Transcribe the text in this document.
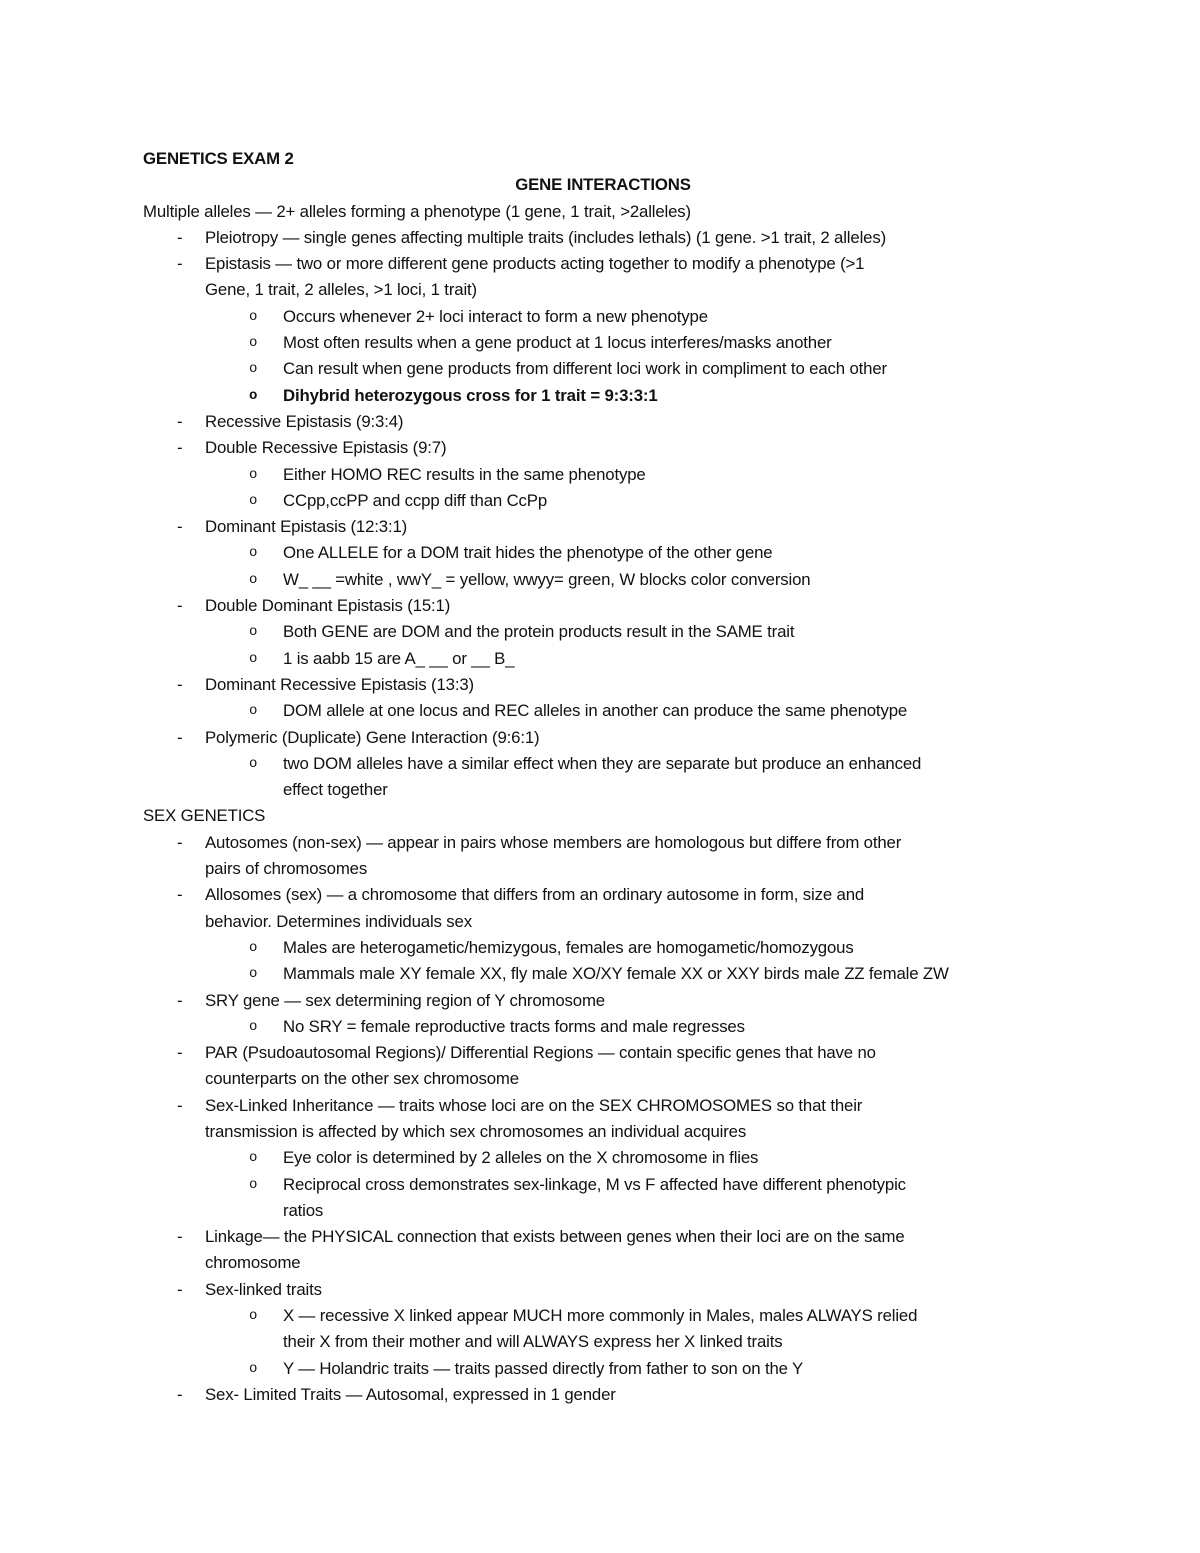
GENETICS EXAM 2
GENE INTERACTIONS
Multiple alleles — 2+ alleles forming a phenotype (1 gene, 1 trait, >2alleles)
- Pleiotropy — single genes affecting multiple traits (includes lethals) (1 gene. >1 trait, 2 alleles)
- Epistasis — two or more different gene products acting together to modify a phenotype (>1
Gene, 1 trait, 2 alleles, >1 loci, 1 trait)
o Occurs whenever 2+ loci interact to form a new phenotype
o Most often results when a gene product at 1 locus interferes/masks another
o Can result when gene products from different loci work in compliment to each other
o Dihybrid heterozygous cross for 1 trait = 9:3:3:1
- Recessive Epistasis (9:3:4)
- Double Recessive Epistasis (9:7)
o Either HOMO REC results in the same phenotype
o CCpp,ccPP and ccpp diff than CcPp
- Dominant Epistasis (12:3:1)
o One ALLELE for a DOM trait hides the phenotype of the other gene
o W_ __ =white , wwY_ = yellow, wwyy= green, W blocks color conversion
- Double Dominant Epistasis (15:1)
o Both GENE are DOM and the protein products result in the SAME trait
o 1 is aabb 15 are A_ __ or __ B_
- Dominant Recessive Epistasis (13:3)
o DOM allele at one locus and REC alleles in another can produce the same phenotype
- Polymeric (Duplicate) Gene Interaction (9:6:1)
o two DOM alleles have a similar effect when they are separate but produce an enhanced
effect together
SEX GENETICS
- Autosomes (non-sex) — appear in pairs whose members are homologous but differe from other
pairs of chromosomes
- Allosomes (sex) — a chromosome that differs from an ordinary autosome in form, size and
behavior. Determines individuals sex
o Males are heterogametic/hemizygous, females are homogametic/homozygous
o Mammals male XY female XX, fly male XO/XY female XX or XXY birds male ZZ female ZW
- SRY gene — sex determining region of Y chromosome
o No SRY = female reproductive tracts forms and male regresses
- PAR (Psudoautosomal Regions)/ Differential Regions — contain specific genes that have no
counterparts on the other sex chromosome
- Sex-Linked Inheritance — traits whose loci are on the SEX CHROMOSOMES so that their
transmission is affected by which sex chromosomes an individual acquires
o Eye color is determined by 2 alleles on the X chromosome in flies
o Reciprocal cross demonstrates sex-linkage, M vs F affected have different phenotypic
ratios
- Linkage— the PHYSICAL connection that exists between genes when their loci are on the same
chromosome
- Sex-linked traits
o X — recessive X linked appear MUCH more commonly in Males, males ALWAYS relied
their X from their mother and will ALWAYS express her X linked traits
o Y — Holandric traits — traits passed directly from father to son on the Y
- Sex- Limited Traits — Autosomal, expressed in 1 gender
